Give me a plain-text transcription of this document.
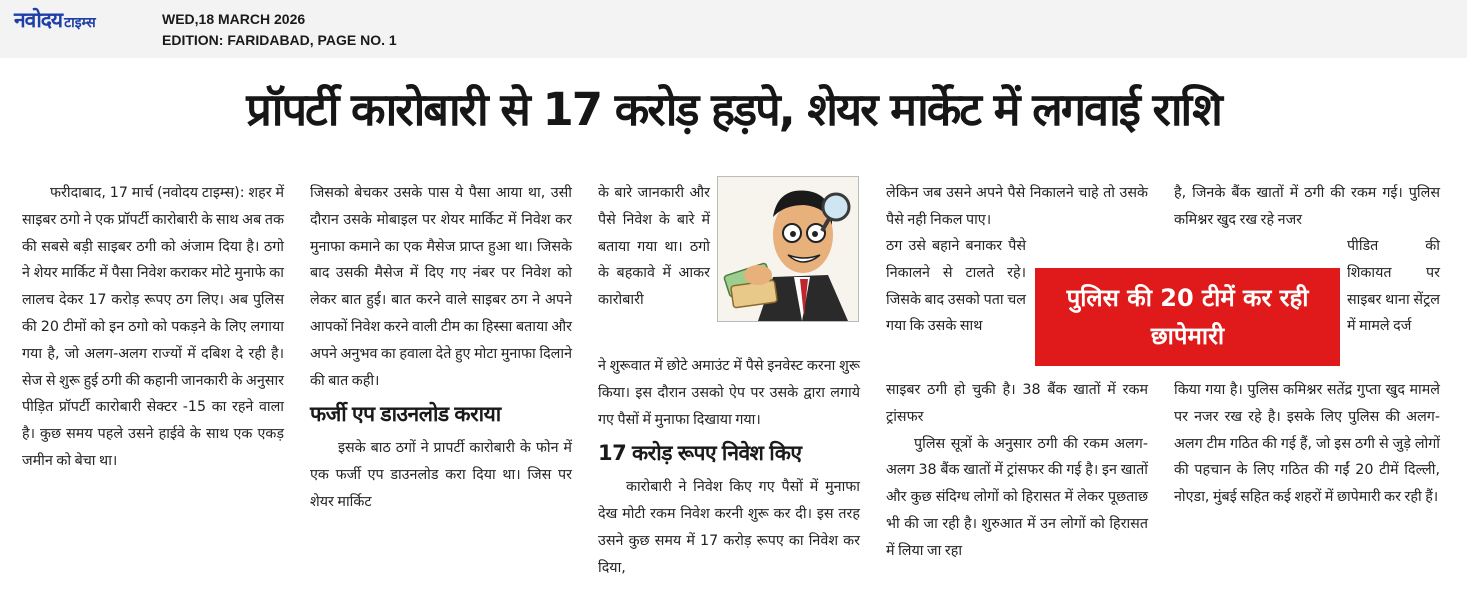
नवोदय टाइम्स	WED,18 MARCH 2026
EDITION: FARIDABAD, PAGE NO. 1
प्रॉपर्टी कारोबारी से 17 करोड़ हड़पे, शेयर मार्केट में लगवाई राशि

फरीदाबाद, 17 मार्च (नवोदय टाइम्स): शहर में साइबर ठगो ने एक प्रॉपर्टी कारोबारी के साथ अब तक की सबसे बड़ी साइबर ठगी को अंजाम दिया है। ठगो ने शेयर मार्किट में पैसा निवेश कराकर मोटे मुनाफे का लालच देकर 17 करोड़ रूपए ठग लिए। अब पुलिस की 20 टीमों को इन ठगो को पकड़ने के लिए लगाया गया है, जो अलग-अलग राज्यों में दबिश दे रही है। सेज से शुरू हुई ठगी की कहानी जानकारी के अनुसार पीड़ित प्रॉपर्टी कारोबारी सेक्टर -15 का रहने वाला है। कुछ समय पहले उसने हाईवे के साथ एक एकड़ जमीन को बेचा था।

जिसको बेचकर उसके पास ये पैसा आया था, उसी दौरान उसके मोबाइल पर शेयर मार्किट में निवेश कर मुनाफा कमाने का एक मैसेज प्राप्त हुआ था। जिसके बाद उसकी मैसेज में दिए गए नंबर पर निवेश को लेकर बात हुई। बात करने वाले साइबर ठग ने अपने आपकों निवेश करने वाली टीम का हिस्सा बताया और अपने अनुभव का हवाला देते हुए मोटा मुनाफा दिलाने की बात कही।

फर्जी एप डाउनलोड कराया

इसके बाठ ठगों ने प्रापर्टी कारोबारी के फोन में एक फर्जी एप डाउनलोड करा दिया था। जिस पर शेयर मार्किट

के बारे जानकारी और पैसे निवेश के बारे में बताया गया था। ठगो के बहकावे में आकर कारोबारी

ने शुरूवात में छोटे अमाउंट में पैसे इनवेस्ट करना शुरू किया। इस दौरान उसको ऐप पर उसके द्वारा लगाये गए पैसों में मुनाफा दिखाया गया।

17 करोड़ रूपए निवेश किए

कारोबारी ने निवेश किए गए पैसों में मुनाफा देख मोटी रकम निवेश करनी शुरू कर दी। इस तरह उसने कुछ समय में 17 करोड़ रूपए का निवेश कर दिया,

लेकिन जब उसने अपने पैसे निकालने चाहे तो उसके पैसे नही निकल पाए।

ठग उसे बहाने बनाकर पैसे निकालने से टालते रहे। जिसके बाद उसको पता चल गया कि उसके साथ

साइबर ठगी हो चुकी है। 38 बैंक खातों में रकम ट्रांसफर

पुलिस सूत्रों के अनुसार ठगी की रकम अलग-अलग 38 बैंक खातों में ट्रांसफर की गई है। इन खातों और कुछ संदिग्ध लोगों को हिरासत में लेकर पूछताछ भी की जा रही है। शुरुआत में उन लोगों को हिरासत में लिया जा रहा

पुलिस की 20 टीमें कर रही छापेमारी

है, जिनके बैंक खातों में ठगी की रकम गई। पुलिस कमिश्नर खुद रख रहे नजर

पीडित की शिकायत पर साइबर थाना सेंट्रल में मामले दर्ज

किया गया है। पुलिस कमिश्नर सतेंद्र गुप्ता खुद मामले पर नजर रख रहे है। इसके लिए पुलिस की अलग-अलग टीम गठित की गई हैं, जो इस ठगी से जुड़े लोगों की पहचान के लिए गठित की गईं 20 टीमें दिल्ली, नोएडा, मुंबई सहित कई शहरों में छापेमारी कर रही हैं।
